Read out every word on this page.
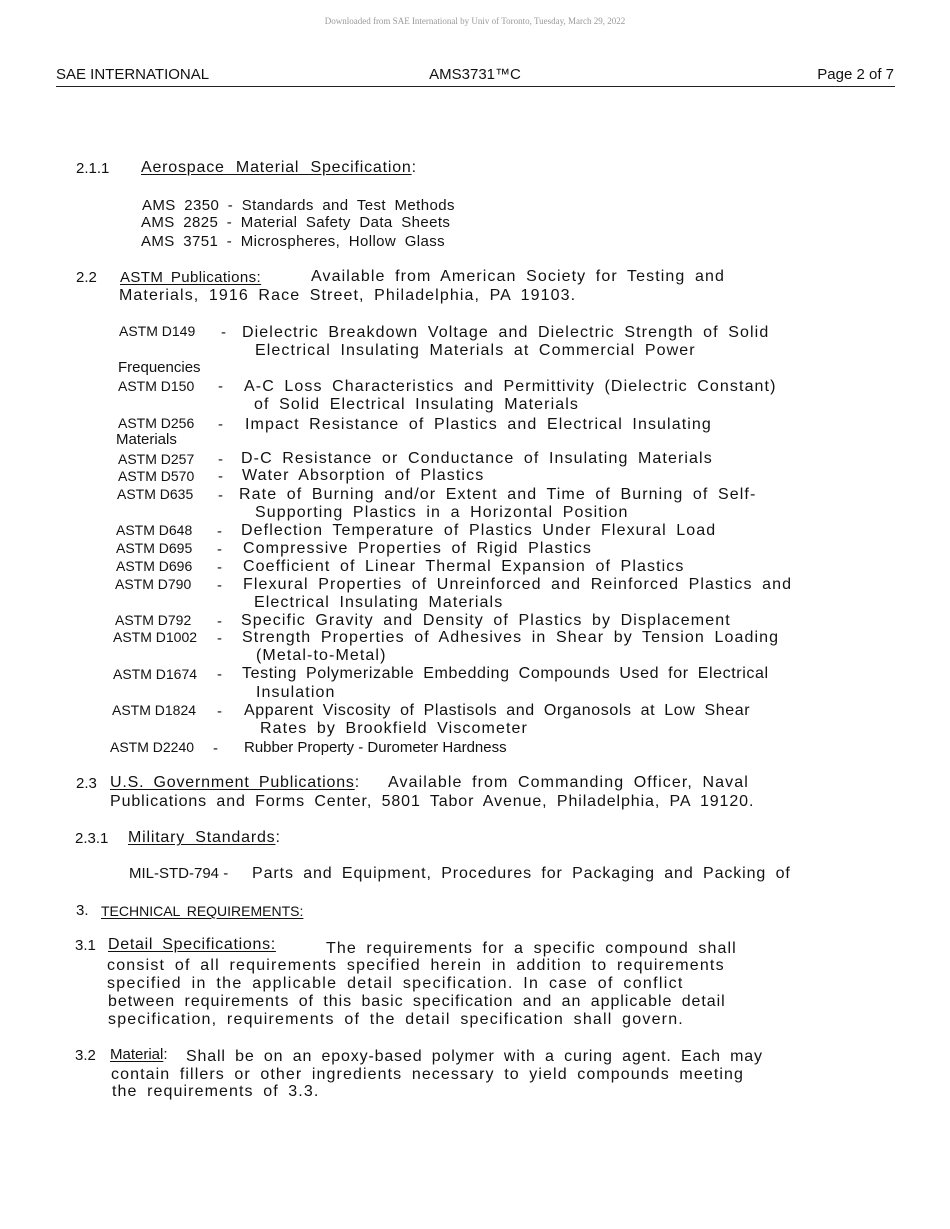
Downloaded from SAE International by Univ of Toronto, Tuesday, March 29, 2022
SAE INTERNATIONAL	AMS3731™C	Page 2 of 7
2.1.1 Aerospace Material Specification:
AMS 2350 - Standards and Test Methods
AMS 2825 - Material Safety Data Sheets
AMS 3751 - Microspheres, Hollow Glass
2.2 ASTM Publications:	Available from American Society for Testing and
Materials, 1916 Race Street, Philadelphia, PA 19103.
ASTM D149 - Dielectric Breakdown Voltage and Dielectric Strength of Solid
Electrical Insulating Materials at Commercial Power
Frequencies
ASTM D150 - A-C Loss Characteristics and Permittivity (Dielectric Constant)
of Solid Electrical Insulating Materials
ASTM D256 - Impact Resistance of Plastics and Electrical Insulating
Materials
ASTM D257 - D-C Resistance or Conductance of Insulating Materials
ASTM D570 - Water Absorption of Plastics
ASTM D635 - Rate of Burning and/or Extent and Time of Burning of Self-
Supporting Plastics in a Horizontal Position
ASTM D648 - Deflection Temperature of Plastics Under Flexural Load
ASTM D695 - Compressive Properties of Rigid Plastics
ASTM D696 - Coefficient of Linear Thermal Expansion of Plastics
ASTM D790 - Flexural Properties of Unreinforced and Reinforced Plastics and
Electrical Insulating Materials
ASTM D792 - Specific Gravity and Density of Plastics by Displacement
ASTM D1002 - Strength Properties of Adhesives in Shear by Tension Loading
(Metal-to-Metal)
ASTM D1674 - Testing Polymerizable Embedding Compounds Used for Electrical
Insulation
ASTM D1824 - Apparent Viscosity of Plastisols and Organosols at Low Shear
Rates by Brookfield Viscometer
ASTM D2240 - Rubber Property - Durometer Hardness
2.3 U.S. Government Publications: Available from Commanding Officer, Naval
Publications and Forms Center, 5801 Tabor Avenue, Philadelphia, PA 19120.
2.3.1 Military Standards:
MIL-STD-794 - Parts and Equipment, Procedures for Packaging and Packing of
3. TECHNICAL REQUIREMENTS:
3.1 Detail Specifications:	The requirements for a specific compound shall
consist of all requirements specified herein in addition to requirements
specified in the applicable detail specification. In case of conflict
between requirements of this basic specification and an applicable detail
specification, requirements of the detail specification shall govern.
3.2 Material: Shall be on an epoxy-based polymer with a curing agent. Each may
contain fillers or other ingredients necessary to yield compounds meeting
the requirements of 3.3.
